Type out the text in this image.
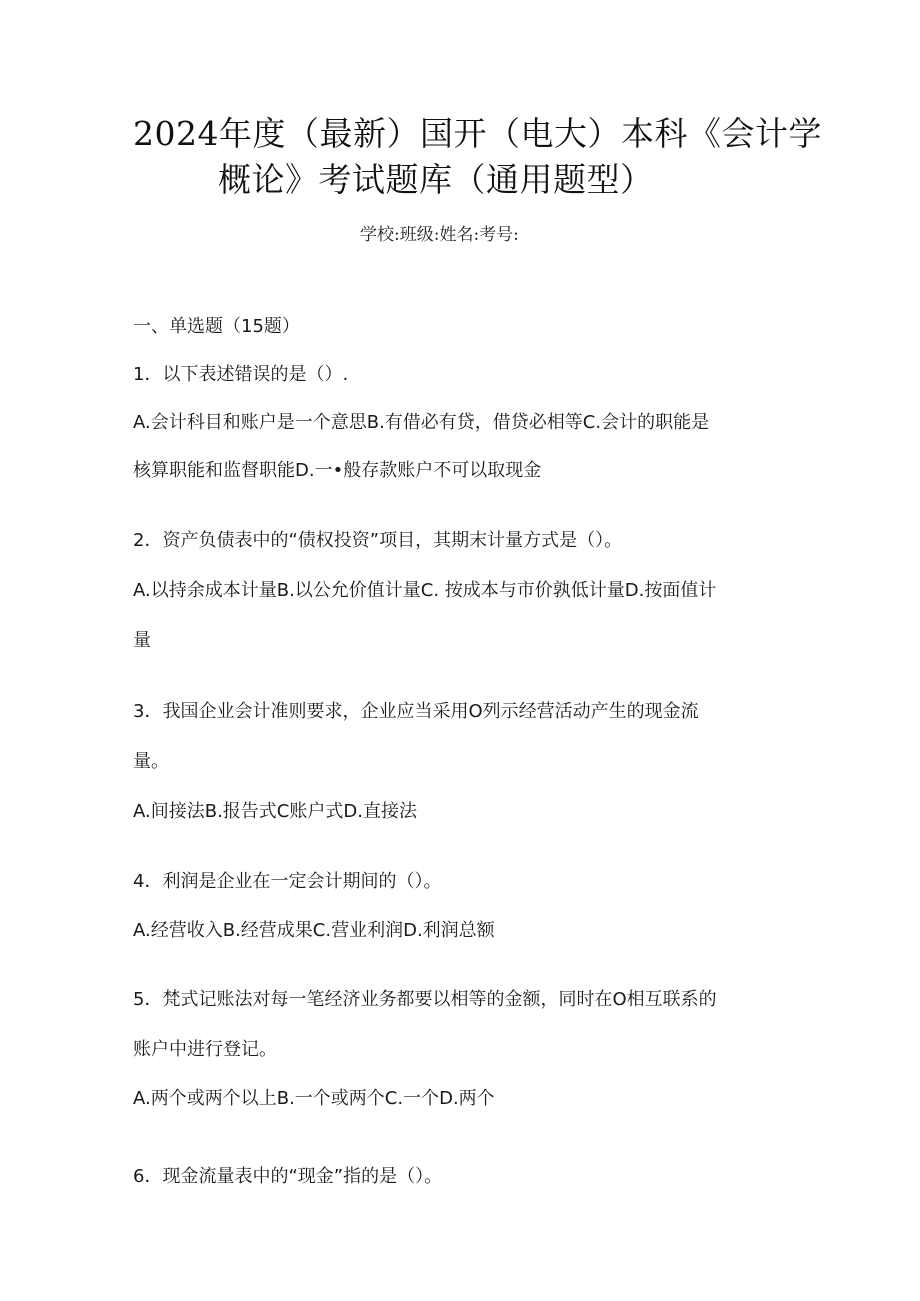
2024年度（最新）国开（电大）本科《会计学
概论》考试题库（通用题型）
学校:班级:姓名:考号:
一、单选题（15题）
1．以下表述错误的是（）.
A.会计科目和账户是一个意思B.有借必有贷，借贷必相等C.会计的职能是
核算职能和监督职能D.一•般存款账户不可以取现金
2．资产负债表中的“债权投资”项目，其期末计量方式是（）。
A.以持余成本计量B.以公允价值计量C. 按成本与市价孰低计量D.按面值计
量
3．我国企业会计准则要求，企业应当采用O列示经营活动产生的现金流
量。
A.间接法B.报告式C账户式D.直接法
4．利润是企业在一定会计期间的（）。
A.经营收入B.经营成果C.营业利润D.利润总额
5．梵式记账法对每一笔经济业务都要以相等的金额，同时在O相互联系的
账户中进行登记。
A.两个或两个以上B.一个或两个C.一个D.两个
6．现金流量表中的“现金”指的是（）。
